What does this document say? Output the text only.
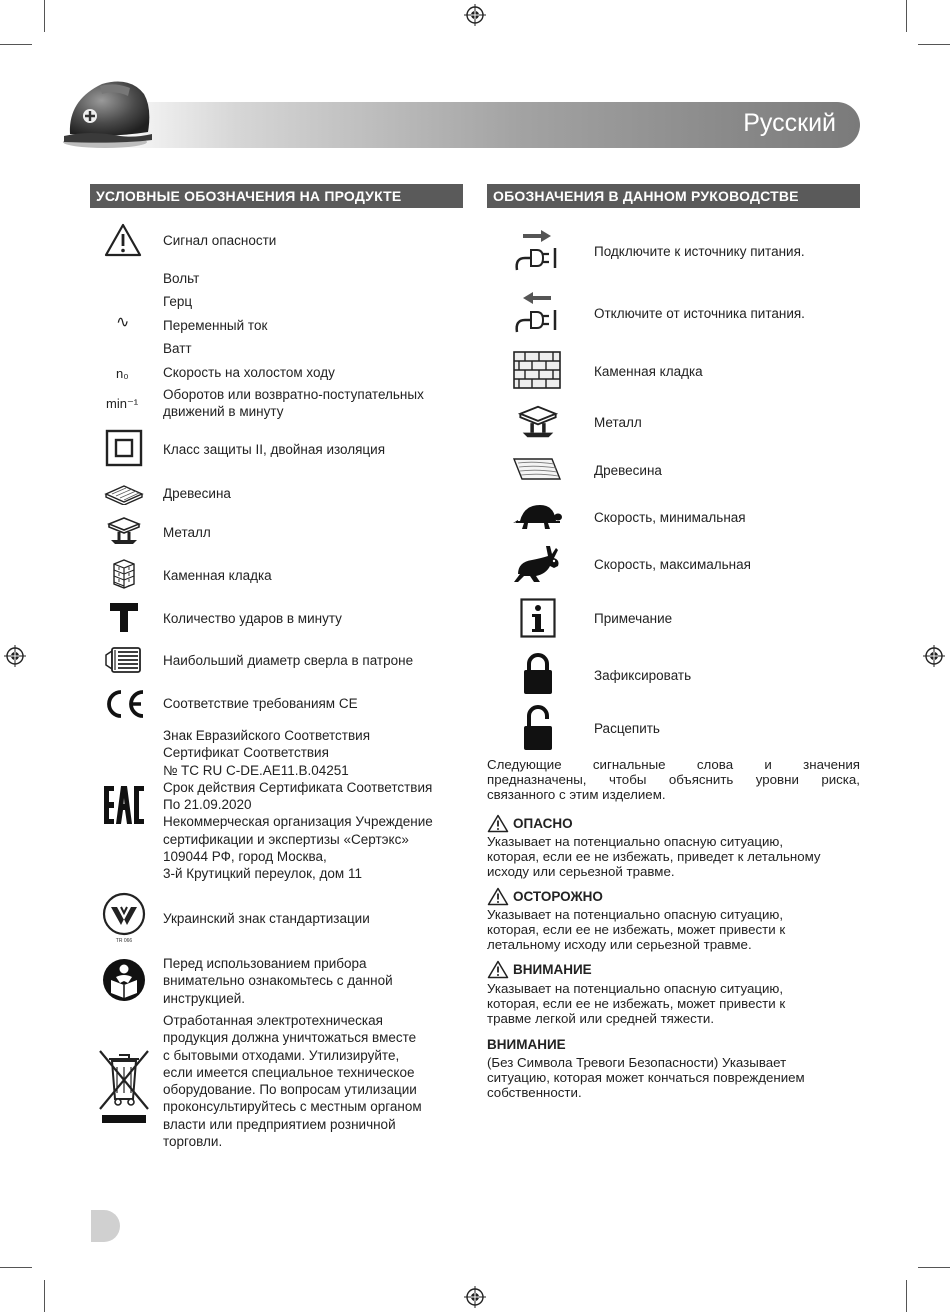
Русский
УСЛОВНЫЕ ОБОЗНАЧЕНИЯ НА ПРОДУКТЕ	ОБОЗНАЧЕНИЯ В ДАННОМ РУКОВОДСТВЕ
Сигнал опасности
Вольт
Герц
∿ Переменный ток
Ватт
n₀	Скорость на холостом ходу
min⁻¹
Оборотов или возвратно-поступательных движений в минуту
Класс защиты II, двойная изоляция
Древесина
Металл
Каменная кладка
Количество ударов в минуту
Наибольший диаметр сверла в патроне
Соответствие требованиям CE
Знак Евразийского Соответствия
Сертификат Соответствия
№ TC RU C-DE.AE11.B.04251
Срок действия Сертификата Соответствия
По 21.09.2020
Некоммерческая организация Учреждение
сертификации и экспертизы «Сертэкс»
109044 РФ, город Москва,
3-й Крутицкий переулок, дом 11
TR 066
Украинский знак стандартизации
Перед использованием прибора
внимательно ознакомьтесь с данной
инструкцией.
Отработанная электротехническая
продукция должна уничтожаться вместе
с бытовыми отходами. Утилизируйте,
если имеется специальное техническое
оборудование. По вопросам утилизации
проконсультируйтесь с местным органом
власти или предприятием розничной
торговли.
Подключите к источнику питания.
Отключите от источника питания.
Каменная кладка
Металл
Древесина
Скорость, минимальная
Скорость, максимальная
Примечание
Зафиксировать
Расцепить
Следующие сигнальные слова и значения
предназначены, чтобы объяснить уровни риска,
связанного с этим изделием.
ОПАСНО
Указывает на потенциально опасную ситуацию,
которая, если ее не избежать, приведет к летальному
исходу или серьезной травме.
ОСТОРОЖНО
Указывает на потенциально опасную ситуацию,
которая, если ее не избежать, может привести к
летальному исходу или серьезной травме.
ВНИМАНИЕ
Указывает на потенциально опасную ситуацию,
которая, если ее не избежать, может привести к
травме легкой или средней тяжести.
ВНИМАНИЕ
(Без Символа Тревоги Безопасности) Указывает
ситуацию, которая может кончаться повреждением
собственности.
